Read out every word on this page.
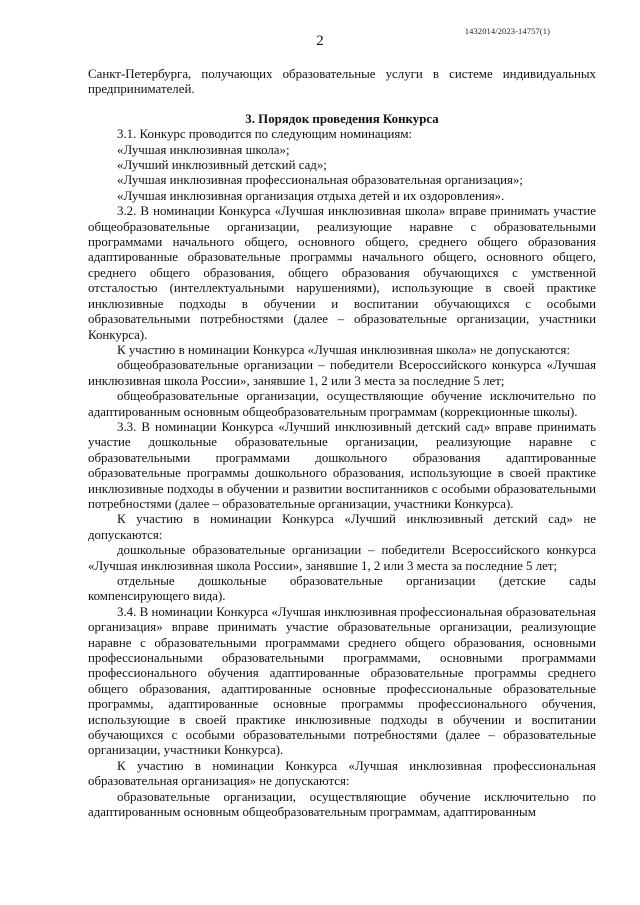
1432014/2023-14757(1)
2

Санкт-Петербурга, получающих образовательные услуги в системе индивидуальных предпринимателей.

3. Порядок проведения Конкурса

3.1. Конкурс проводится по следующим номинациям:

«Лучшая инклюзивная школа»;

«Лучший инклюзивный детский сад»;

«Лучшая инклюзивная профессиональная образовательная организация»;

«Лучшая инклюзивная организация отдыха детей и их оздоровления».

3.2. В номинации Конкурса «Лучшая инклюзивная школа» вправе принимать участие общеобразовательные организации, реализующие наравне с образовательными программами начального общего, основного общего, среднего общего образования адаптированные образовательные программы начального общего, основного общего, среднего общего образования, общего образования обучающихся с умственной отсталостью (интеллектуальными нарушениями), использующие в своей практике инклюзивные подходы в обучении и воспитании обучающихся с особыми образовательными потребностями (далее – образовательные организации, участники Конкурса).

К участию в номинации Конкурса «Лучшая инклюзивная школа» не допускаются:

общеобразовательные организации – победители Всероссийского конкурса «Лучшая инклюзивная школа России», занявшие 1, 2 или 3 места за последние 5 лет;

общеобразовательные организации, осуществляющие обучение исключительно по адаптированным основным общеобразовательным программам (коррекционные школы).

3.3. В номинации Конкурса «Лучший инклюзивный детский сад» вправе принимать участие дошкольные образовательные организации, реализующие наравне с образовательными программами дошкольного образования адаптированные образовательные программы дошкольного образования, использующие в своей практике инклюзивные подходы в обучении и развитии воспитанников с особыми образовательными потребностями (далее – образовательные организации, участники Конкурса).

К участию в номинации Конкурса «Лучший инклюзивный детский сад» не допускаются:

дошкольные образовательные организации – победители Всероссийского конкурса «Лучшая инклюзивная школа России», занявшие 1, 2 или 3 места за последние 5 лет;

отдельные дошкольные образовательные организации (детские сады компенсирующего вида).

3.4. В номинации Конкурса «Лучшая инклюзивная профессиональная образовательная организация» вправе принимать участие образовательные организации, реализующие наравне с образовательными программами среднего общего образования, основными профессиональными образовательными программами, основными программами профессионального обучения адаптированные образовательные программы среднего общего образования, адаптированные основные профессиональные образовательные программы, адаптированные основные программы профессионального обучения, использующие в своей практике инклюзивные подходы в обучении и воспитании обучающихся с особыми образовательными потребностями (далее – образовательные организации, участники Конкурса).

К участию в номинации Конкурса «Лучшая инклюзивная профессиональная образовательная организация» не допускаются:

образовательные организации, осуществляющие обучение исключительно по адаптированным основным общеобразовательным программам, адаптированным
